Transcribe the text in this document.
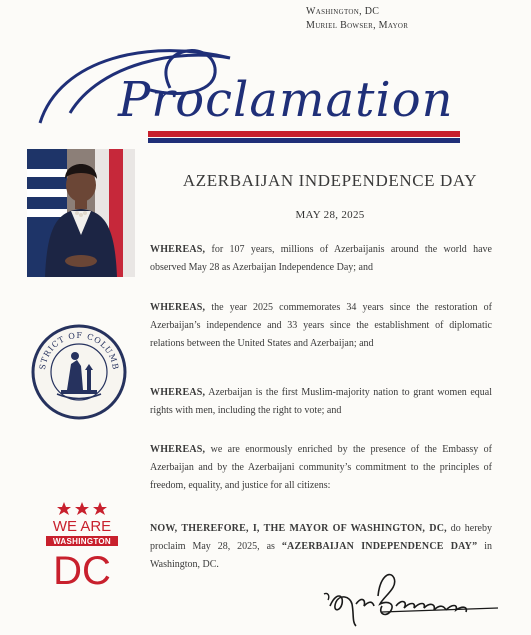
Washington, DC
Muriel Bowser, Mayor
Proclamation
AZERBAIJAN INDEPENDENCE DAY
MAY 28, 2025
WHEREAS, for 107 years, millions of Azerbaijanis around the world have observed May 28 as Azerbaijan Independence Day; and
WHEREAS, the year 2025 commemorates 34 years since the restoration of Azerbaijan’s independence and 33 years since the establishment of diplomatic relations between the United States and Azerbaijan; and
WHEREAS, Azerbaijan is the first Muslim-majority nation to grant women equal rights with men, including the right to vote; and
WHEREAS, we are enormously enriched by the presence of the Embassy of Azerbaijan and by the Azerbaijani community’s commitment to the principles of freedom, equality, and justice for all citizens:
NOW, THEREFORE, I, THE MAYOR OF WASHINGTON, DC, do hereby proclaim May 28, 2025, as “AZERBAIJAN INDEPENDENCE DAY” in Washington, DC.
STRICT OF COLUMB
WE ARE
WASHINGTON
DC
